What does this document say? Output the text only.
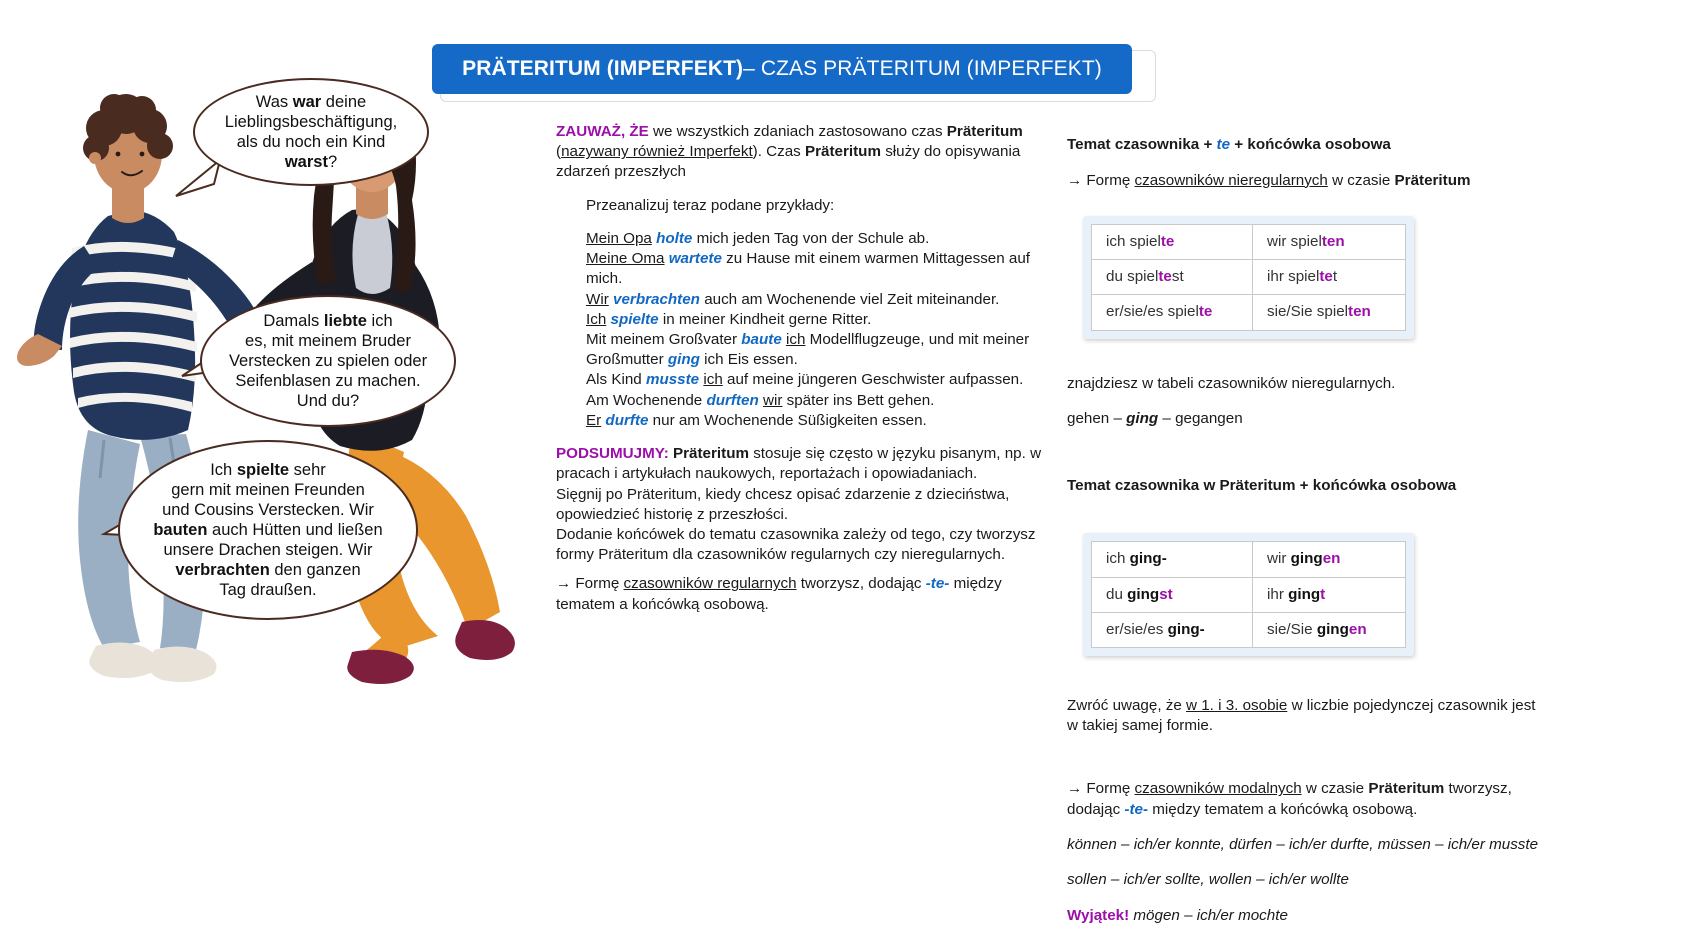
Was war deine
Lieblingsbeschäftigung,
als du noch ein Kind
warst?
Damals liebte ich
es, mit meinem Bruder
Verstecken zu spielen oder
Seifenblasen zu machen.
Und du?
Ich spielte sehr
gern mit meinen Freunden
und Cousins Verstecken. Wir
bauten auch Hütten und ließen
unsere Drachen steigen. Wir
verbrachten den ganzen
Tag draußen.
PRÄTERITUM (IMPERFEKT) – CZAS PRÄTERITUM (IMPERFEKT)

ZAUWAŻ, ŻE we wszystkich zdaniach zastosowano czas Präteritum (nazywany również Imperfekt). Czas Präteritum służy do opisywania zdarzeń przeszłych

Przeanalizuj teraz podane przykłady:

Mein Opa holte mich jeden Tag von der Schule ab.
Meine Oma wartete zu Hause mit einem warmen Mittagessen auf mich.
Wir verbrachten auch am Wochenende viel Zeit miteinander.
Ich spielte in meiner Kindheit gerne Ritter.
Mit meinem Großvater baute ich Modellflugzeuge, und mit meiner Großmutter ging ich Eis essen.
Als Kind musste ich auf meine jüngeren Geschwister aufpassen.
Am Wochenende durften wir später ins Bett gehen.
Er durfte nur am Wochenende Süßigkeiten essen.

PODSUMUJMY: Präteritum stosuje się często w języku pisanym, np. w pracach i artykułach naukowych, reportażach i opowiadaniach.
Sięgnij po Präteritum, kiedy chcesz opisać zdarzenie z dzieciństwa, opowiedzieć historię z przeszłości.
Dodanie końcówek do tematu czasownika zależy od tego, czy tworzysz formy Präteritum dla czasowników regularnych czy nieregularnych.

→ Formę czasowników regularnych tworzysz, dodając -te- między tematem a końcówką osobową.

Temat czasownika + te + końcówka osobowa

→ Formę czasowników nieregularnych w czasie Präteritum

ich spielte	wir spielten
du spieltest	ihr spieltet
er/sie/es spielte	sie/Sie spielten

znajdziesz w tabeli czasowników nieregularnych.

gehen – ging – gegangen

Temat czasownika w Präteritum + końcówka osobowa

ich ging-	wir gingen
du gingst	ihr gingt
er/sie/es ging-	sie/Sie gingen

Zwróć uwagę, że w 1. i 3. osobie w liczbie pojedynczej czasownik jest w takiej samej formie.

→ Formę czasowników modalnych w czasie Präteritum tworzysz, dodając -te- między tematem a końcówką osobową.

können – ich/er konnte, dürfen – ich/er durfte, müssen – ich/er musste

sollen – ich/er sollte, wollen – ich/er wollte

Wyjątek! mögen – ich/er mochte
